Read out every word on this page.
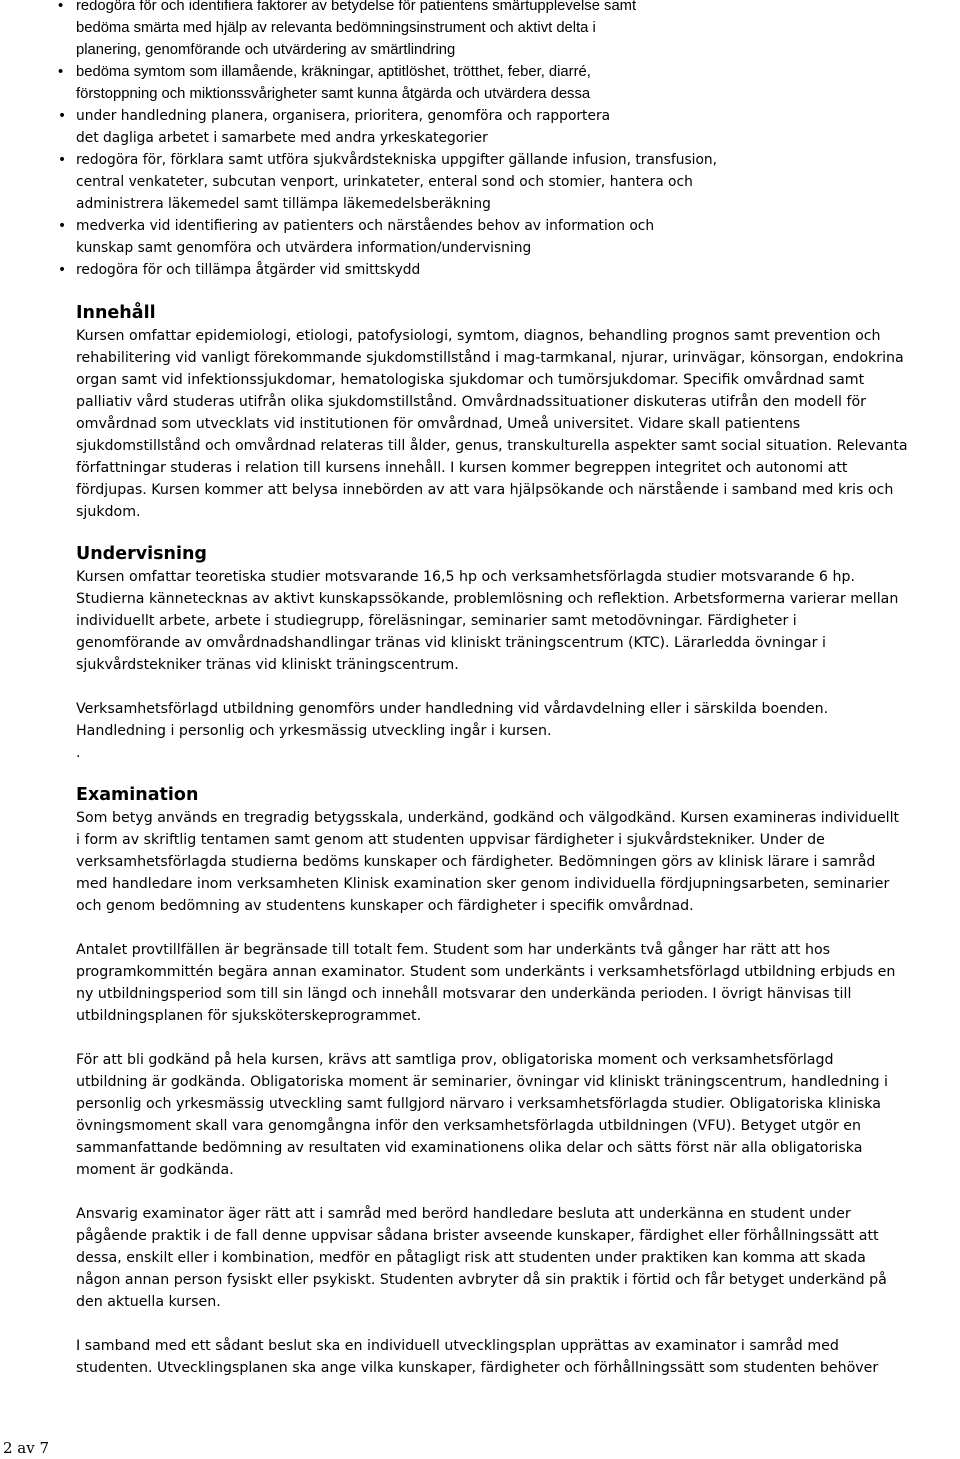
• redogöra för och identifiera faktorer av betydelse för patientens smärtupplevelse samt
bedöma smärta med hjälp av relevanta bedömningsinstrument och aktivt delta i
planering, genomförande och utvärdering av smärtlindring
• bedöma symtom som illamående, kräkningar, aptitlöshet, trötthet, feber, diarré,
förstoppning och miktionssvårigheter samt kunna åtgärda och utvärdera dessa
• under handledning planera, organisera, prioritera, genomföra och rapportera
det dagliga arbetet i samarbete med andra yrkeskategorier
• redogöra för, förklara samt utföra sjukvårdstekniska uppgifter gällande infusion, transfusion,
central venkateter, subcutan venport, urinkateter, enteral sond och stomier, hantera och
administrera läkemedel samt tillämpa läkemedelsberäkning
• medverka vid identifiering av patienters och närståendes behov av information och
kunskap samt genomföra och utvärdera information/undervisning
• redogöra för och tillämpa åtgärder vid smittskydd
Innehåll

Kursen omfattar epidemiologi, etiologi, patofysiologi, symtom, diagnos, behandling prognos samt prevention och
rehabilitering vid vanligt förekommande sjukdomstillstånd i mag-tarmkanal, njurar, urinvägar, könsorgan, endokrina
organ samt vid infektionssjukdomar, hematologiska sjukdomar och tumörsjukdomar. Specifik omvårdnad samt
palliativ vård studeras utifrån olika sjukdomstillstånd. Omvårdnadssituationer diskuteras utifrån den modell för
omvårdnad som utvecklats vid institutionen för omvårdnad, Umeå universitet. Vidare skall patientens
sjukdomstillstånd och omvårdnad relateras till ålder, genus, transkulturella aspekter samt social situation. Relevanta
författningar studeras i relation till kursens innehåll. I kursen kommer begreppen integritet och autonomi att
fördjupas. Kursen kommer att belysa innebörden av att vara hjälpsökande och närstående i samband med kris och
sjukdom.

Undervisning

Kursen omfattar teoretiska studier motsvarande 16,5 hp och verksamhetsförlagda studier motsvarande 6 hp.
Studierna kännetecknas av aktivt kunskapssökande, problemlösning och reflektion. Arbetsformerna varierar mellan
individuellt arbete, arbete i studiegrupp, föreläsningar, seminarier samt metodövningar. Färdigheter i
genomförande av omvårdnadshandlingar tränas vid kliniskt träningscentrum (KTC). Lärarledda övningar i
sjukvårdstekniker tränas vid kliniskt träningscentrum.

Verksamhetsförlagd utbildning genomförs under handledning vid vårdavdelning eller i särskilda boenden.
Handledning i personlig och yrkesmässig utveckling ingår i kursen.
.

Examination

Som betyg används en tregradig betygsskala, underkänd, godkänd och välgodkänd. Kursen examineras individuellt
i form av skriftlig tentamen samt genom att studenten uppvisar färdigheter i sjukvårdstekniker. Under de
verksamhetsförlagda studierna bedöms kunskaper och färdigheter. Bedömningen görs av klinisk lärare i samråd
med handledare inom verksamheten Klinisk examination sker genom individuella fördjupningsarbeten, seminarier
och genom bedömning av studentens kunskaper och färdigheter i specifik omvårdnad.

Antalet provtillfällen är begränsade till totalt fem. Student som har underkänts två gånger har rätt att hos
programkommittén begära annan examinator. Student som underkänts i verksamhetsförlagd utbildning erbjuds en
ny utbildningsperiod som till sin längd och innehåll motsvarar den underkända perioden. I övrigt hänvisas till
utbildningsplanen för sjuksköterskeprogrammet.

För att bli godkänd på hela kursen, krävs att samtliga prov, obligatoriska moment och verksamhetsförlagd
utbildning är godkända. Obligatoriska moment är seminarier, övningar vid kliniskt träningscentrum, handledning i
personlig och yrkesmässig utveckling samt fullgjord närvaro i verksamhetsförlagda studier. Obligatoriska kliniska
övningsmoment skall vara genomgångna inför den verksamhetsförlagda utbildningen (VFU). Betyget utgör en
sammanfattande bedömning av resultaten vid examinationens olika delar och sätts först när alla obligatoriska
moment är godkända.

Ansvarig examinator äger rätt att i samråd med berörd handledare besluta att underkänna en student under
pågående praktik i de fall denne uppvisar sådana brister avseende kunskaper, färdighet eller förhållningssätt att
dessa, enskilt eller i kombination, medför en påtagligt risk att studenten under praktiken kan komma att skada
någon annan person fysiskt eller psykiskt. Studenten avbryter då sin praktik i förtid och får betyget underkänd på
den aktuella kursen.

I samband med ett sådant beslut ska en individuell utvecklingsplan upprättas av examinator i samråd med
studenten. Utvecklingsplanen ska ange vilka kunskaper, färdigheter och förhållningssätt som studenten behöver

2 av 7
